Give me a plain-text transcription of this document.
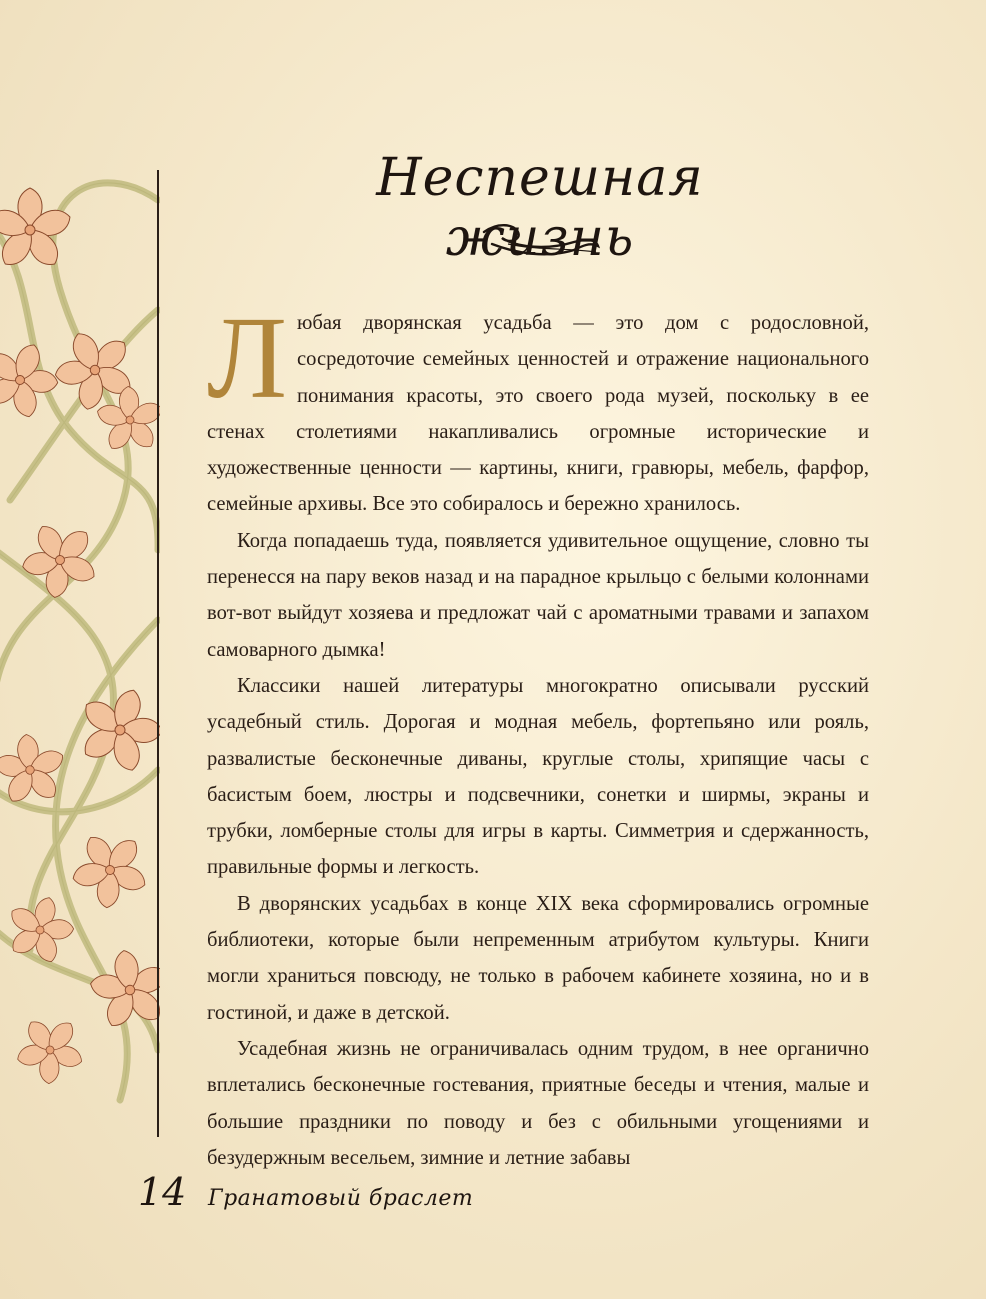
Неспешная жизнь

Любая дворянская усадьба — это дом с родословной, сосредоточие семейных ценностей и отражение национального понимания красоты, это своего рода музей, поскольку в ее стенах столетиями накапливались огромные исторические и художественные ценности — картины, книги, гравюры, мебель, фарфор, семейные архивы. Все это собиралось и бережно хранилось.

Когда попадаешь туда, появляется удивительное ощущение, словно ты перенесся на пару веков назад и на парадное крыльцо с белыми колоннами вот-вот выйдут хозяева и предложат чай с ароматными травами и запахом самоварного дымка!

Классики нашей литературы многократно описывали русский усадебный стиль. Дорогая и модная мебель, фортепьяно или рояль, развалистые бесконечные диваны, круглые столы, хрипящие часы с басистым боем, люстры и подсвечники, сонетки и ширмы, экраны и трубки, ломберные столы для игры в карты. Симметрия и сдержанность, правильные формы и легкость.

В дворянских усадьбах в конце XIX века сформировались огромные библиотеки, которые были непременным атрибутом культуры. Книги могли храниться повсюду, не только в рабочем кабинете хозяина, но и в гостиной, и даже в детской.

Усадебная жизнь не ограничивалась одним трудом, в нее органично вплетались бесконечные гостевания, приятные беседы и чтения, малые и большие праздники по поводу и без с обильными угощениями и безудержным весельем, зимние и летние забавы

14 Гранатовый браслет
